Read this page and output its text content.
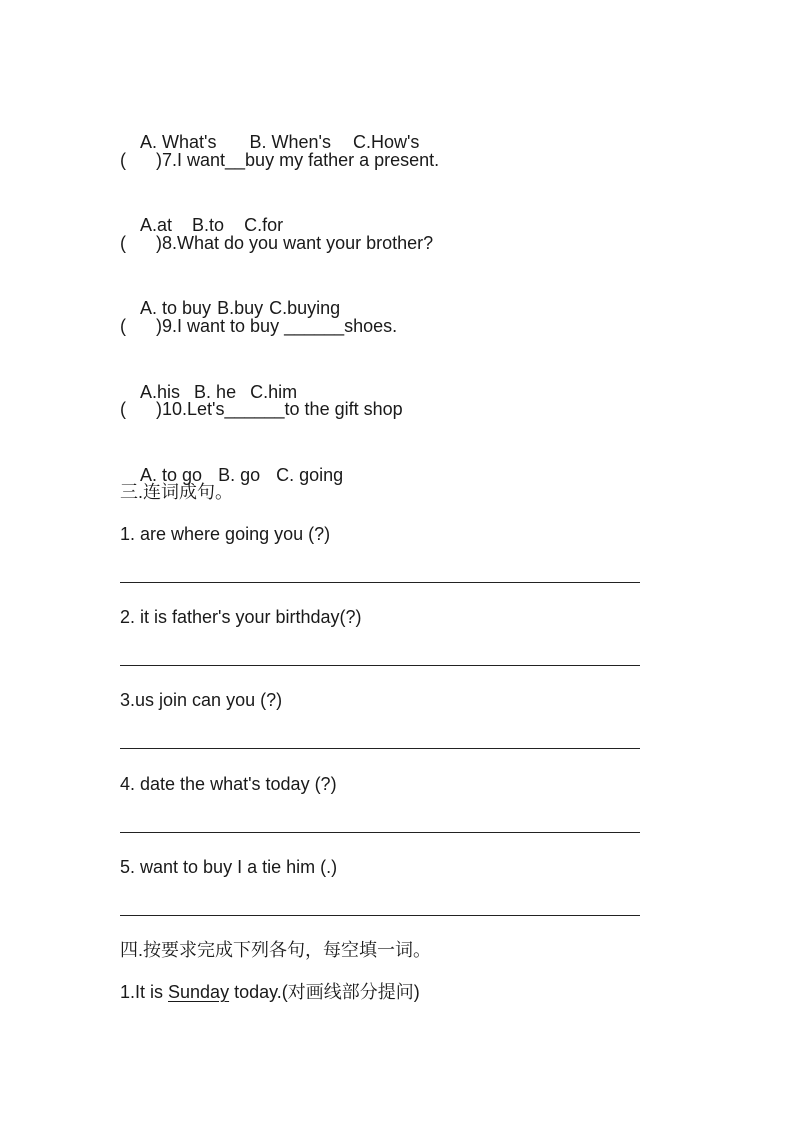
A. What's B. When's C.How's

(      )7.I want__buy my father a present.

A.at B.to C.for

(      )8.What do you want your brother?

A. to buy B.buy C.buying

(      )9.I want to buy ______shoes.

A.his B. he C.him

(      )10.Let's______to the gift shop

A. to go B. go C. going

三.连词成句。
1. are where going you (?)
2. it is father's your birthday(?)
3.us join can you (?)
4. date the what's today (?)
5. want to buy I a tie him (.)
四.按要求完成下列各句，每空填一词。
1.It is Sunday today.(对画线部分提问)
